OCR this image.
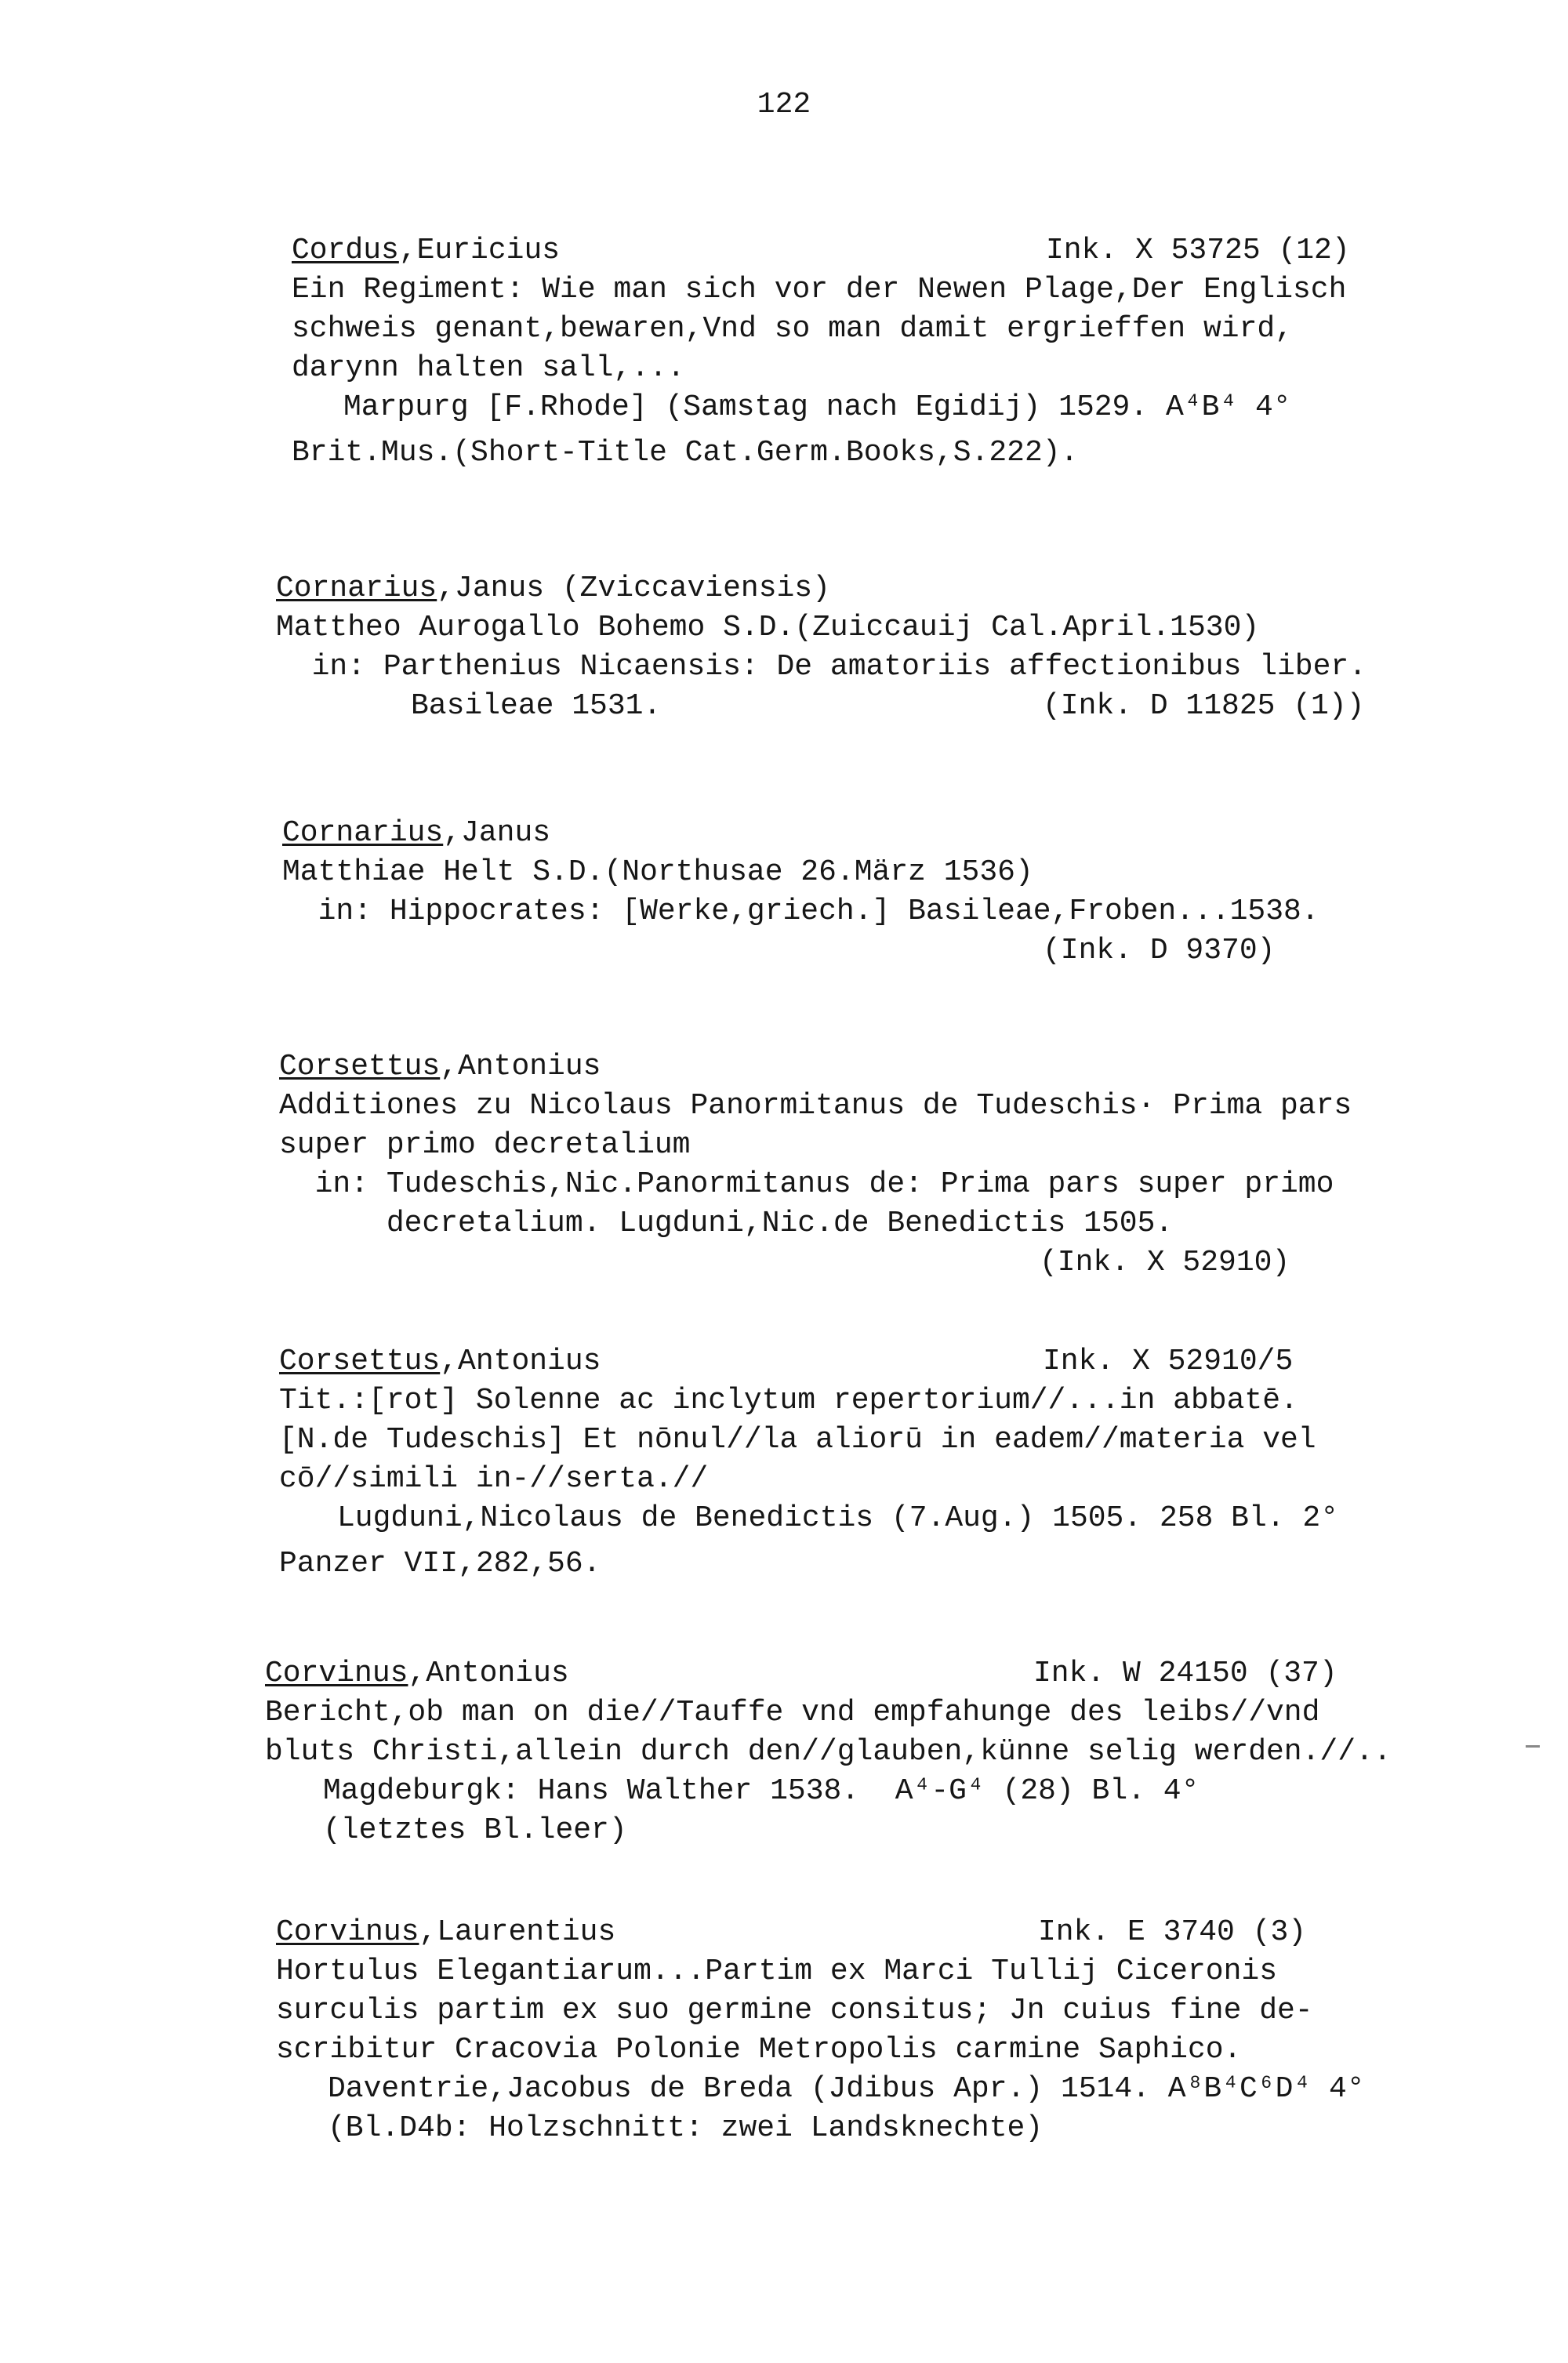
122
Cordus,Euricius	Ink. X 53725 (12)
Ein Regiment: Wie man sich vor der Newen Plage,Der Englisch
schweis genant,bewaren,Vnd so man damit ergrieffen wird,
darynn halten sall,...
Marpurg [F.Rhode] (Samstag nach Egidij) 1529. A⁴B⁴ 4°
Brit.Mus.(Short-Title Cat.Germ.Books,S.222).
Cornarius,Janus (Zviccaviensis)
Mattheo Aurogallo Bohemo S.D.(Zuiccauij Cal.April.1530)
in: Parthenius Nicaensis: De amatoriis affectionibus liber.
Basileae 1531.	(Ink. D 11825 (1))
Cornarius,Janus
Matthiae Helt S.D.(Northusae 26.März 1536)
in: Hippocrates: [Werke,griech.] Basileae,Froben...1538.
(Ink. D 9370)
Corsettus,Antonius
Additiones zu Nicolaus Panormitanus de Tudeschis· Prima pars
super primo decretalium
in: Tudeschis,Nic.Panormitanus de: Prima pars super primo
decretalium. Lugduni,Nic.de Benedictis 1505.
(Ink. X 52910)
Corsettus,Antonius	Ink. X 52910/5
Tit.:[rot] Solenne ac inclytum repertorium//...in abbatē.
[N.de Tudeschis] Et nōnul//la aliorū in eadem//materia vel
cō//simili in-//serta.//
Lugduni,Nicolaus de Benedictis (7.Aug.) 1505. 258 Bl. 2°
Panzer VII,282,56.
Corvinus,Antonius	Ink. W 24150 (37)
Bericht,ob man on die//Tauffe vnd empfahunge des leibs//vnd
bluts Christi,allein durch den//glauben,künne selig werden.//..
Magdeburgk: Hans Walther 1538.  A⁴-G⁴ (28) Bl. 4°
(letztes Bl.leer)
Corvinus,Laurentius	Ink. E 3740 (3)
Hortulus Elegantiarum...Partim ex Marci Tullij Ciceronis
surculis partim ex suo germine consitus; Jn cuius fine de-
scribitur Cracovia Polonie Metropolis carmine Saphico.
Daventrie,Jacobus de Breda (Jdibus Apr.) 1514. A⁸B⁴C⁶D⁴ 4°
(Bl.D4b: Holzschnitt: zwei Landsknechte)
